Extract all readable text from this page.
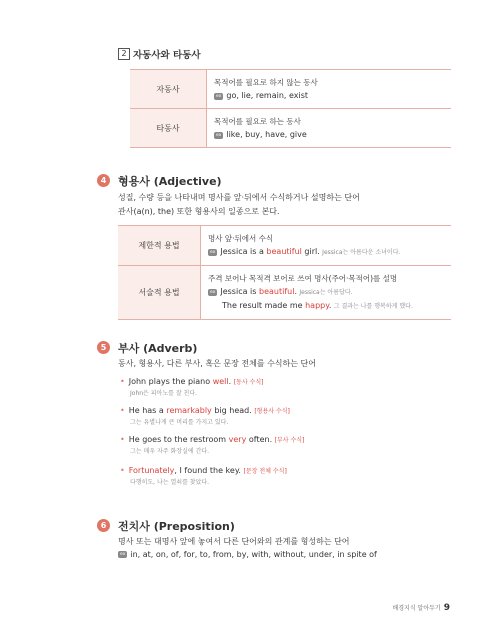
2 자동사와 타동사
자동사	목적어를 필요로 하지 않는 동사
ex go, lie, remain, exist

타동사	목적어를 필요로 하는 동사
ex like, buy, have, give
4	형용사 (Adjective)
성질, 수량 등을 나타내며 명사를 앞·뒤에서 수식하거나 설명하는 단어
관사(a(n), the) 또한 형용사의 일종으로 본다.
제한적 용법	명사 앞·뒤에서 수식
ex Jessica is a beautiful girl. Jessica는 아름다운 소녀이다.

서술적 용법	주격 보어나 목적격 보어로 쓰여 명사(주어·목적어)를 설명
ex Jessica is beautiful. Jessica는 아름답다.
The result made me happy. 그 결과는 나를 행복하게 했다.
5	부사 (Adverb)
동사, 형용사, 다른 부사, 혹은 문장 전체를 수식하는 단어
• John plays the piano well. [동사 수식]
John은 피아노를 잘 친다.
• He has a remarkably big head. [형용사 수식]
그는 유별나게 큰 머리를 가지고 있다.
• He goes to the restroom very often. [부사 수식]
그는 매우 자주 화장실에 간다.
• Fortunately, I found the key. [문장 전체 수식]
다행히도, 나는 열쇠를 찾았다.
6	전치사 (Preposition)
명사 또는 대명사 앞에 놓여서 다른 단어와의 관계를 형성하는 단어
ex in, at, on, of, for, to, from, by, with, without, under, in spite of
배경지식 알아두기 9
